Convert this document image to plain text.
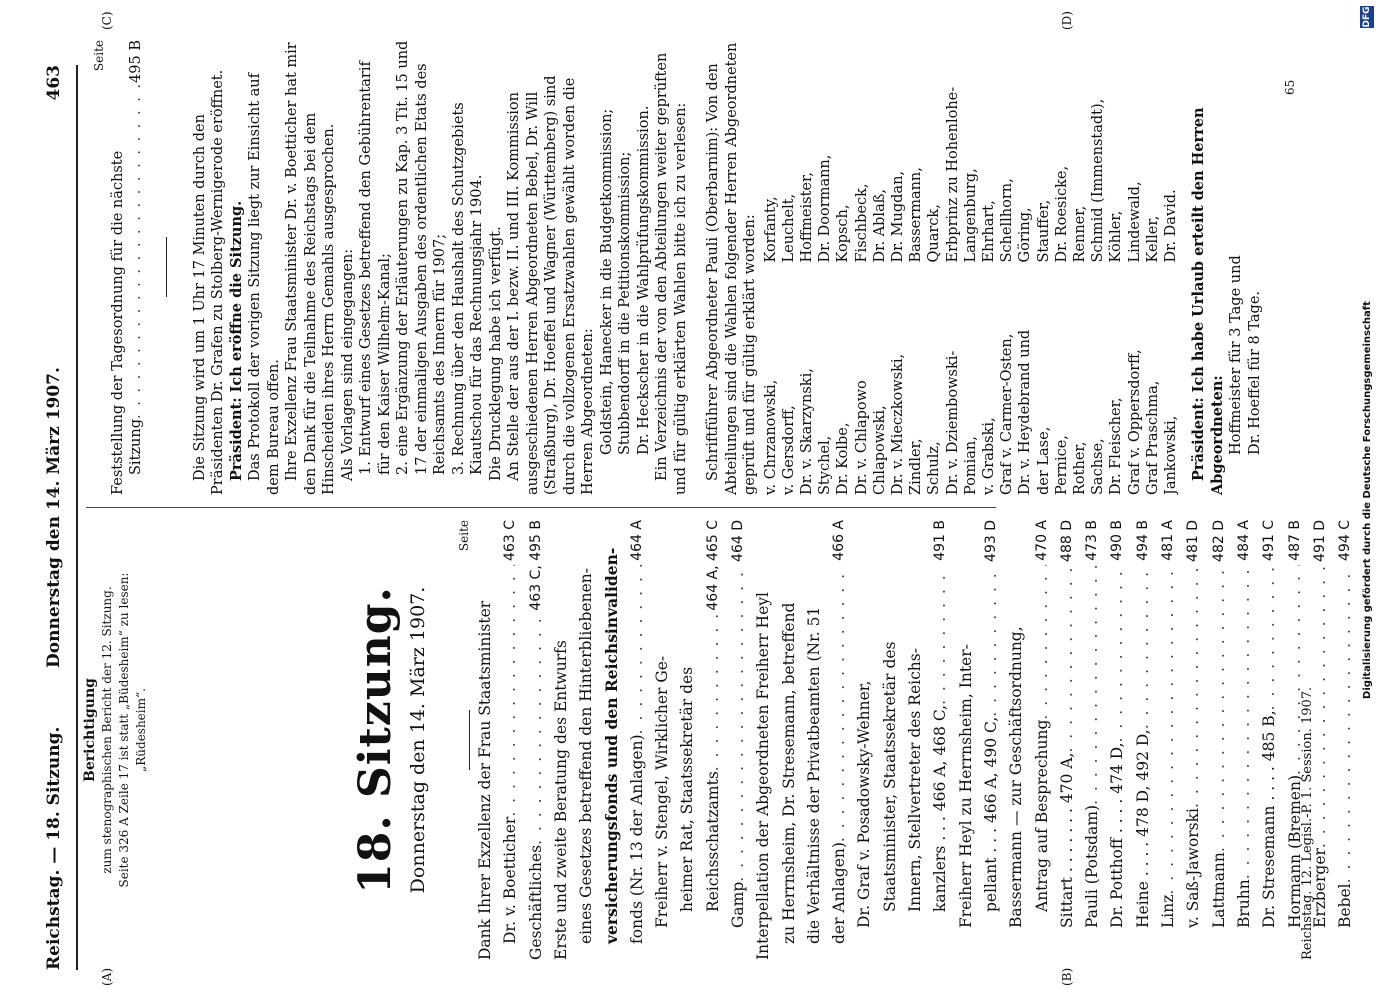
Reichstag. — 18. Sitzung.
Donnerstag den 14. März 1907.
463
Berichtigung zum stenographischen Bericht der 12. Sitzung. Seite 326 A Zeile 17 ist statt „Büdesheim“ zu lesen: „Rüdesheim“.
(A)	(B)
(C)	(D)
18. Sitzung. Donnerstag den 14. März 1907.
Seite
Dank Ihrer Exzellenz der Frau Staatsminister Dr. v. Boetticher
. . .
463 C
Geschäftliches
. . .
463 C, 495 B
Erste und zweite Beratung des Entwurfs eines Gesetzes betreffend den Hinterbliebenen- versicherungsfonds und den Reichsinvaliden- fonds (Nr. 13 der Anlagen)
. . .
464 A
Freiherr v. Stengel, Wirklicher Ge- heimer Rat, Staatssekretär des Reichsschatzamts
. . .
464 A, 465 C
Gamp
. . .
464 D
Interpellation der Abgeordneten Freiherr Heyl zu Herrnsheim, Dr. Stresemann, betreffend die Verhältnisse der Privatbeamten (Nr. 51 der Anlagen)
. . .
466 A
Dr. Graf v. Posadowsky-Wehner, Staatsminister, Staatssekretär des Innern, Stellvertreter des Reichs- kanzlers . . . 466 A, 468 C,
. . .
491 B
Freiherr Heyl zu Herrnsheim, Inter- pellant . . . 466 A, 490 C,
. . .
493 D
Bassermann — zur Geschäftsordnung, Antrag auf Besprechung
. . .
470 A
Sittart . . . . . . . 470 A,
. . .
488 D
Pauli (Potsdam)
. . .
473 B
Dr. Potthoff . . . . 474 D,
. . .
490 B
Heine . . . . 478 D, 492 D,
. . .
494 B
Linz
. . .
481 A
v. Saß-Jaworski
. . .
481 D
Lattmann
. . .
482 D
Bruhn
. . .
484 A
Dr. Stresemann . . . . 485 B,
. . .
491 C
Hormann (Bremen)
. . .
487 B
Erzberger
. . .
491 D
Bebel
. . .
494 C
Reichstag. 12. Legisl.-P. 1. Session. 1907.
Seite
Feststellung der Tagesordnung für die nächste Sitzung
. . .
495 B

Die Sitzung wird um 1 Uhr 17 Minuten durch den Präsidenten Dr. Grafen zu Stolberg-Wernigerode eröffnet. Präsident: Ich eröffne die Sitzung. Das Protokoll der vorigen Sitzung liegt zur Einsicht auf dem Bureau offen. Ihre Exzellenz Frau Staatsminister Dr. v. Boetticher hat mir den Dank für die Teilnahme des Reichstags bei dem Hinscheiden ihres Herrn Gemahls ausgesprochen. Als Vorlagen sind eingegangen: 1. Entwurf eines Gesetzes betreffend den Gebührentarif für den Kaiser Wilhelm-Kanal; 2. eine Ergänzung der Erläuterungen zu Kap. 3 Tit. 15 und 17 der einmaligen Ausgaben des ordentlichen Etats des Reichsamts des Innern für 1907; 3. Rechnung über den Haushalt des Schutzgebiets Kiautschou für das Rechnungsjahr 1904. Die Drucklegung habe ich verfügt. An Stelle der aus der I. bezw. II. und III. Kommission ausgeschiedenen Herren Abgeordneten Bebel, Dr. Will (Straßburg), Dr. Hoeffel und Wagner (Württemberg) sind durch die vollzogenen Ersatzwahlen gewählt worden die Herren Abgeordneten: Goldstein, Hanecker in die Budgetkommission; Stubbendorff in die Petitionskommission; Dr. Heckscher in die Wahlprüfungskommission. Ein Verzeichnis der von den Abteilungen weiter geprüften und für gültig erklärten Wahlen bitte ich zu verlesen: Schriftführer Abgeordneter Pauli (Oberbarnim): Von den Abteilungen sind die Wahlen folgender Herren Abgeordneten geprüft und für gültig erklärt worden: v. Chrzanowski,
Korfanty,
v. Gersdorff,
Leuchelt,
Dr. v. Skarzynski,
Hoffmeister,
Stychel,
Dr. Doormann,
Dr. Kolbe,
Kopsch,
Dr. v. Chlapowo
Fischbeck,
Chlapowski,
Dr. Ablaß,
Dr. v. Mieczkowski,
Dr. Mugdan,
Zindler,
Bassermann,
Schulz,
Quarck,
Dr. v. Dziembowski-
Erbprinz zu Hohenlohe-
Pomian,
Langenburg,
v. Grabski,
Ehrhart,
Graf v. Carmer-Osten,
Schellhorn,
Dr. v. Heydebrand und
Göring,
der Lase,
Stauffer,
Pernice,
Dr. Roesicke,
Rother,
Renner,
Sachse,
Schmid (Immenstadt),
Dr. Fleischer,
Köhler,
Graf v. Oppersdorff,
Lindewald,
Graf Praschma,
Keller,
Jankowski,
Dr. David. Präsident: Ich habe Urlaub erteilt den Herren Abgeordneten: Hoffmeister für 3 Tage und Dr. Hoeffel für 8 Tage.
65
Digitalisierung gefördert durch die Deutsche Forschungsgemeinschaft
DFG
